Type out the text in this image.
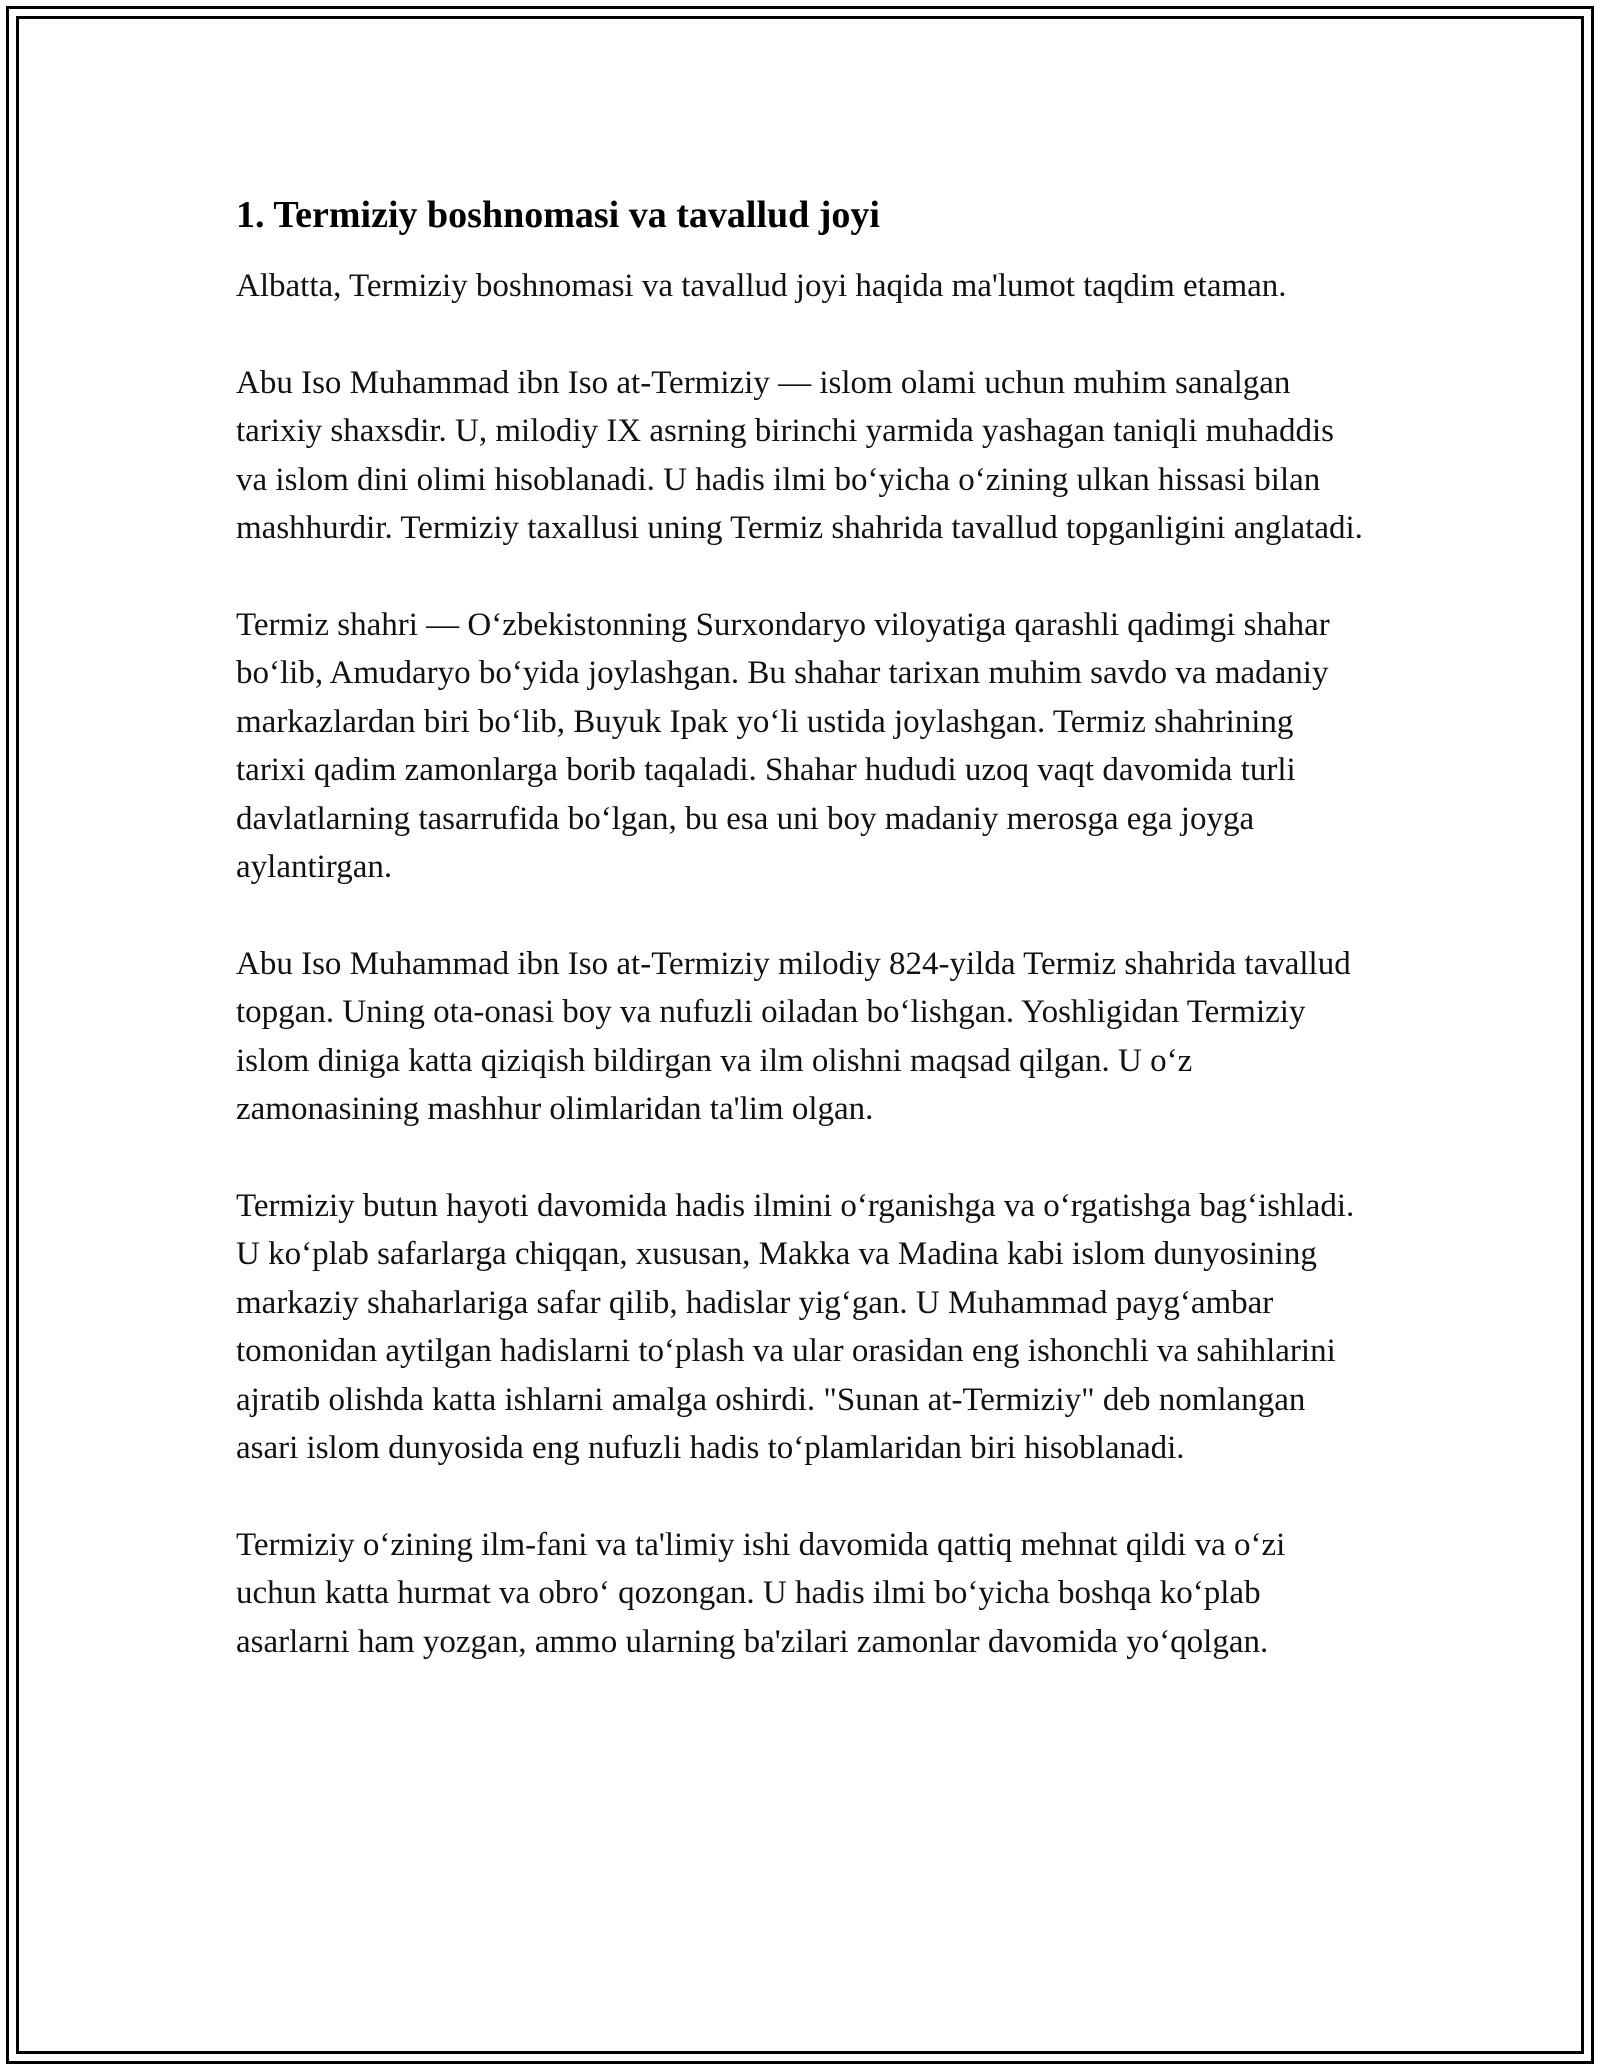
1. Termiziy boshnomasi va tavallud joyi

Albatta, Termiziy boshnomasi va tavallud joyi haqida ma'lumot taqdim etaman.

Abu Iso Muhammad ibn Iso at-Termiziy — islom olami uchun muhim sanalgan tarixiy shaxsdir. U, milodiy IX asrning birinchi yarmida yashagan taniqli muhaddis va islom dini olimi hisoblanadi. U hadis ilmi bo‘yicha o‘zining ulkan hissasi bilan mashhurdir. Termiziy taxallusi uning Termiz shahrida tavallud topganligini anglatadi.

Termiz shahri — O‘zbekistonning Surxondaryo viloyatiga qarashli qadimgi shahar bo‘lib, Amudaryo bo‘yida joylashgan. Bu shahar tarixan muhim savdo va madaniy markazlardan biri bo‘lib, Buyuk Ipak yo‘li ustida joylashgan. Termiz shahrining tarixi qadim zamonlarga borib taqaladi. Shahar hududi uzoq vaqt davomida turli davlatlarning tasarrufida bo‘lgan, bu esa uni boy madaniy merosga ega joyga aylantirgan.

Abu Iso Muhammad ibn Iso at-Termiziy milodiy 824-yilda Termiz shahrida tavallud topgan. Uning ota-onasi boy va nufuzli oiladan bo‘lishgan. Yoshligidan Termiziy islom diniga katta qiziqish bildirgan va ilm olishni maqsad qilgan. U o‘z zamonasining mashhur olimlaridan ta'lim olgan.

Termiziy butun hayoti davomida hadis ilmini o‘rganishga va o‘rgatishga bag‘ishladi. U ko‘plab safarlarga chiqqan, xususan, Makka va Madina kabi islom dunyosining markaziy shaharlariga safar qilib, hadislar yig‘gan. U Muhammad payg‘ambar tomonidan aytilgan hadislarni to‘plash va ular orasidan eng ishonchli va sahihlarini ajratib olishda katta ishlarni amalga oshirdi. "Sunan at-Termiziy" deb nomlangan asari islom dunyosida eng nufuzli hadis to‘plamlaridan biri hisoblanadi.

Termiziy o‘zining ilm-fani va ta'limiy ishi davomida qattiq mehnat qildi va o‘zi uchun katta hurmat va obro‘ qozongan. U hadis ilmi bo‘yicha boshqa ko‘plab asarlarni ham yozgan, ammo ularning ba'zilari zamonlar davomida yo‘qolgan.
